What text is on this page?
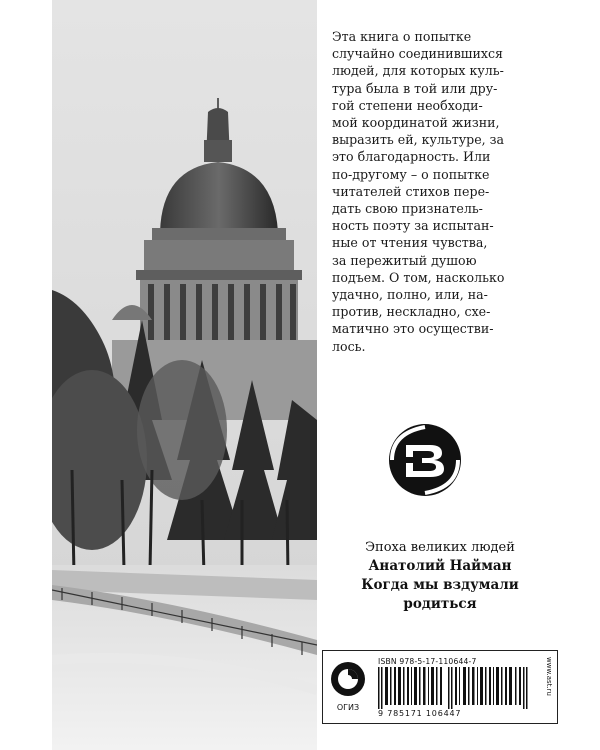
Эта книга о попытке

случайно соединившихся

людей, для которых куль-

тура была в той или дру-

гой степени необходи-

мой координатой жизни,

выразить ей, культуре, за

это благодарность. Или

по-другому – о попытке

читателей стихов пере-

дать свою признатель-

ность поэту за испытан-

ные от чтения чувства,

за пережитый душою

подъем. О том, насколько

удачно, полно, или, на-

против, нескладно, схе-

матично это осуществи-

лось.

Эпоха великих людей
Анатолий Найман
Когда мы вздумали
родиться
ОГИЗ
ISBN 978-5-17-110644-7
9 785171 106447
www.ast.ru
